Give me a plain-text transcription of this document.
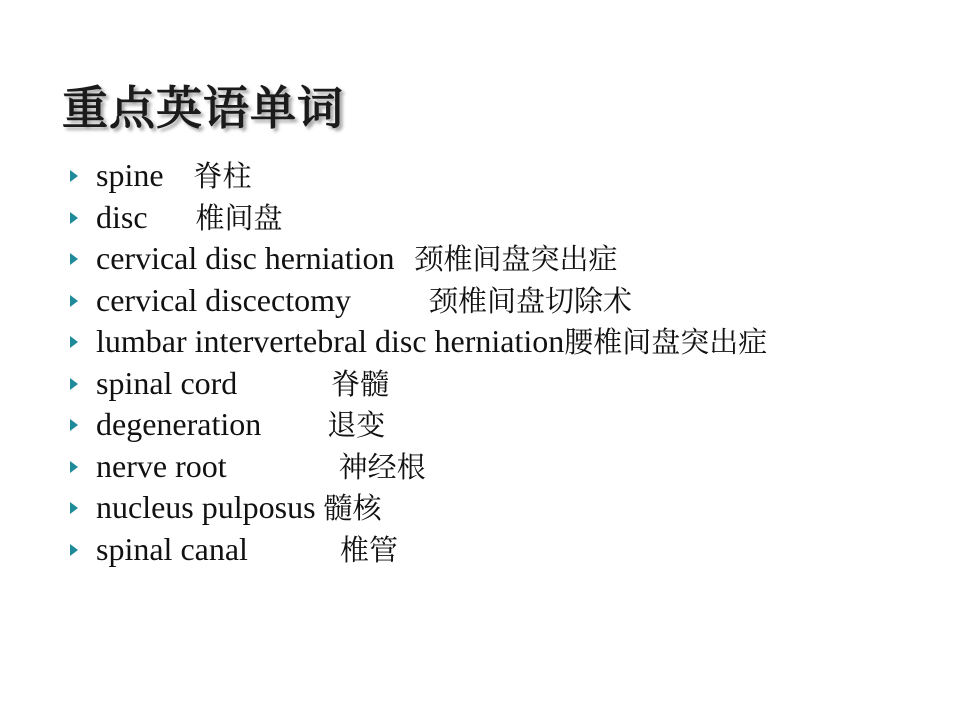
重点英语单词
spine 脊柱
disc 椎间盘
cervical disc herniation 颈椎间盘突出症
cervical discectomy	颈椎间盘切除术
lumbar intervertebral disc herniation腰椎间盘突出症
spinal cord	脊髓
degeneration 退变
nerve root	神经根
nucleus pulposus 髓核
spinal canal	椎管
